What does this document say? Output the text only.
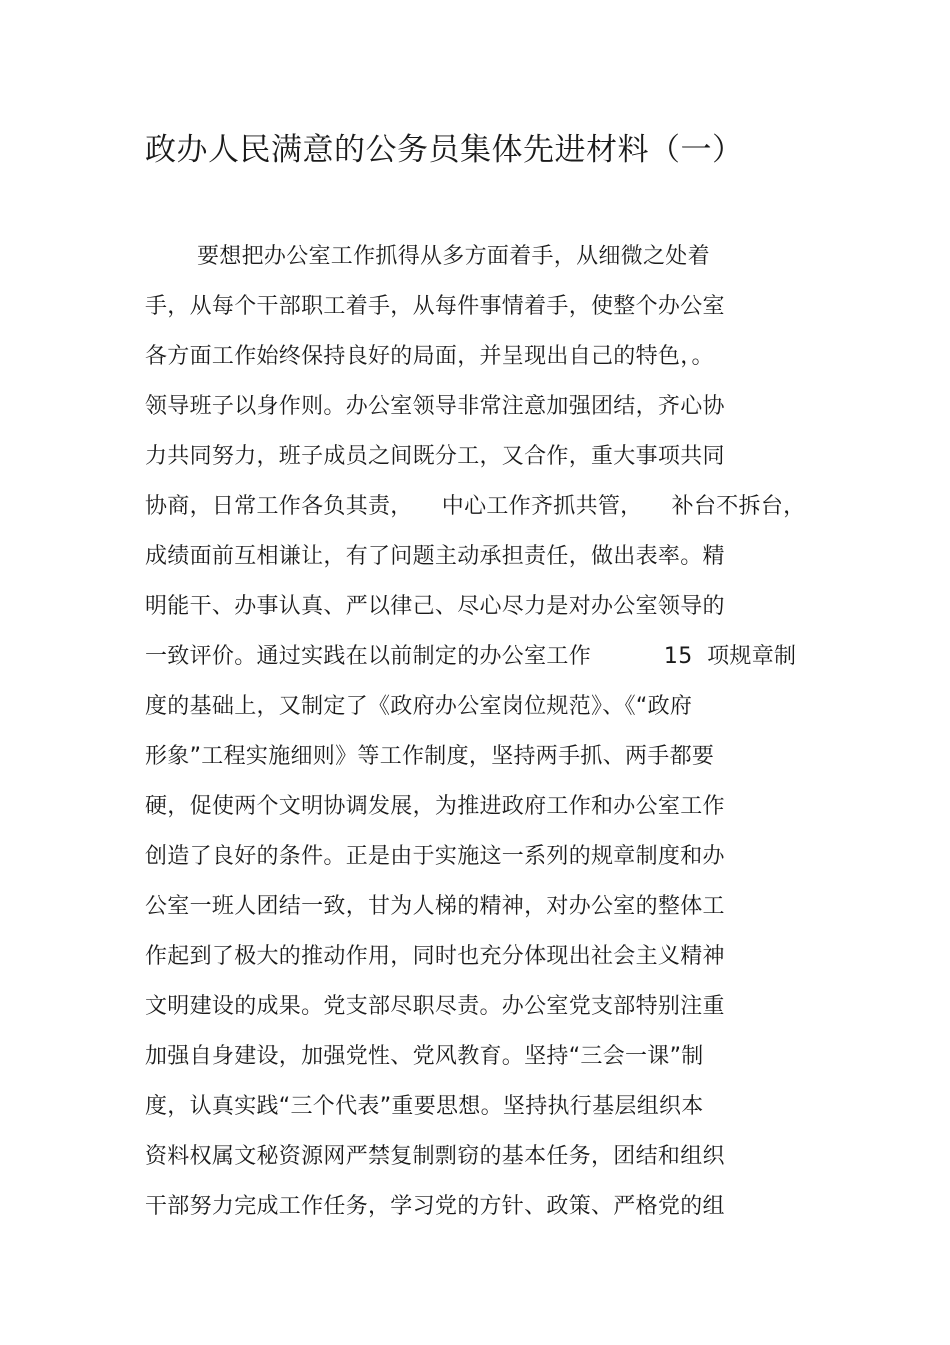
政办人民满意的公务员集体先进材料（一）
要想把办公室工作抓得从多方面着手，从细微之处着
手，从每个干部职工着手，从每件事情着手，使整个办公室
各方面工作始终保持良好的局面，并呈现出自己的特色，。
领导班子以身作则。办公室领导非常注意加强团结，齐心协
力共同努力，班子成员之间既分工，又合作，重大事项共同
协商，日常工作各负其责，    中心工作齐抓共管，    补台不拆台，
成绩面前互相谦让，有了问题主动承担责任，做出表率。精
明能干、办事认真、严以律己、尽心尽力是对办公室领导的
一致评价。通过实践在以前制定的办公室工作          15  项规章制
度的基础上，又制定了《政府办公室岗位规范》、《“政府
形象”工程实施细则》等工作制度，坚持两手抓、两手都要
硬，促使两个文明协调发展，为推进政府工作和办公室工作
创造了良好的条件。正是由于实施这一系列的规章制度和办
公室一班人团结一致，甘为人梯的精神，对办公室的整体工
作起到了极大的推动作用，同时也充分体现出社会主义精神
文明建设的成果。党支部尽职尽责。办公室党支部特别注重
加强自身建设，加强党性、党风教育。坚持“三会一课”制
度，认真实践“三个代表”重要思想。坚持执行基层组织本
资料权属文秘资源网严禁复制剽窃的基本任务，团结和组织
干部努力完成工作任务，学习党的方针、政策、严格党的组
